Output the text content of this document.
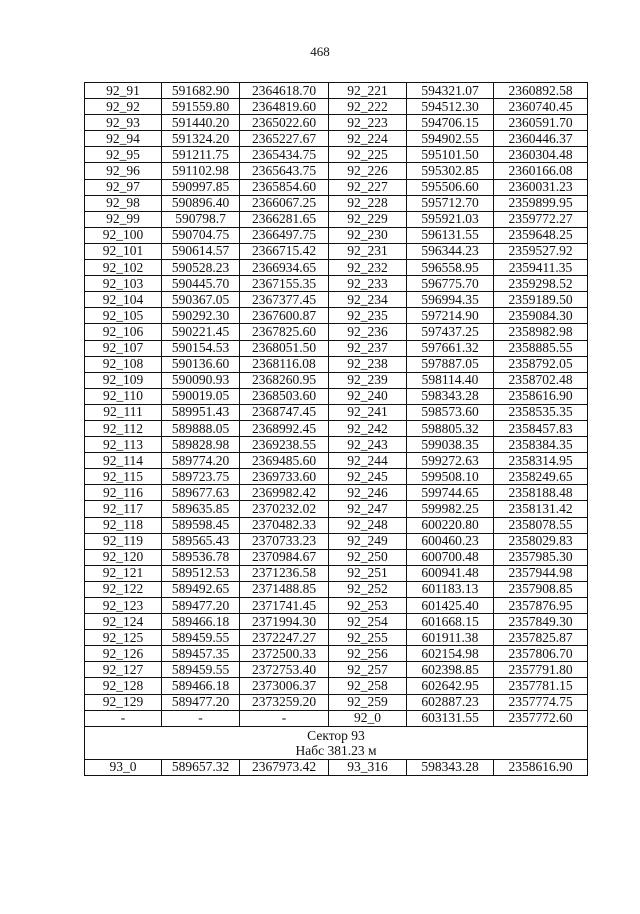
468
92_91	591682.90	2364618.70	92_221	594321.07	2360892.58
92_92	591559.80	2364819.60	92_222	594512.30	2360740.45
92_93	591440.20	2365022.60	92_223	594706.15	2360591.70
92_94	591324.20	2365227.67	92_224	594902.55	2360446.37
92_95	591211.75	2365434.75	92_225	595101.50	2360304.48
92_96	591102.98	2365643.75	92_226	595302.85	2360166.08
92_97	590997.85	2365854.60	92_227	595506.60	2360031.23
92_98	590896.40	2366067.25	92_228	595712.70	2359899.95
92_99	590798.7	2366281.65	92_229	595921.03	2359772.27
92_100	590704.75	2366497.75	92_230	596131.55	2359648.25
92_101	590614.57	2366715.42	92_231	596344.23	2359527.92
92_102	590528.23	2366934.65	92_232	596558.95	2359411.35
92_103	590445.70	2367155.35	92_233	596775.70	2359298.52
92_104	590367.05	2367377.45	92_234	596994.35	2359189.50
92_105	590292.30	2367600.87	92_235	597214.90	2359084.30
92_106	590221.45	2367825.60	92_236	597437.25	2358982.98
92_107	590154.53	2368051.50	92_237	597661.32	2358885.55
92_108	590136.60	2368116.08	92_238	597887.05	2358792.05
92_109	590090.93	2368260.95	92_239	598114.40	2358702.48
92_110	590019.05	2368503.60	92_240	598343.28	2358616.90
92_111	589951.43	2368747.45	92_241	598573.60	2358535.35
92_112	589888.05	2368992.45	92_242	598805.32	2358457.83
92_113	589828.98	2369238.55	92_243	599038.35	2358384.35
92_114	589774.20	2369485.60	92_244	599272.63	2358314.95
92_115	589723.75	2369733.60	92_245	599508.10	2358249.65
92_116	589677.63	2369982.42	92_246	599744.65	2358188.48
92_117	589635.85	2370232.02	92_247	599982.25	2358131.42
92_118	589598.45	2370482.33	92_248	600220.80	2358078.55
92_119	589565.43	2370733.23	92_249	600460.23	2358029.83
92_120	589536.78	2370984.67	92_250	600700.48	2357985.30
92_121	589512.53	2371236.58	92_251	600941.48	2357944.98
92_122	589492.65	2371488.85	92_252	601183.13	2357908.85
92_123	589477.20	2371741.45	92_253	601425.40	2357876.95
92_124	589466.18	2371994.30	92_254	601668.15	2357849.30
92_125	589459.55	2372247.27	92_255	601911.38	2357825.87
92_126	589457.35	2372500.33	92_256	602154.98	2357806.70
92_127	589459.55	2372753.40	92_257	602398.85	2357791.80
92_128	589466.18	2373006.37	92_258	602642.95	2357781.15
92_129	589477.20	2373259.20	92_259	602887.23	2357774.75
-	-	-	92_0	603131.55	2357772.60

Сектор 93
Набс 381.23 м					

93_0	589657.32	2367973.42	93_316	598343.28	2358616.90
